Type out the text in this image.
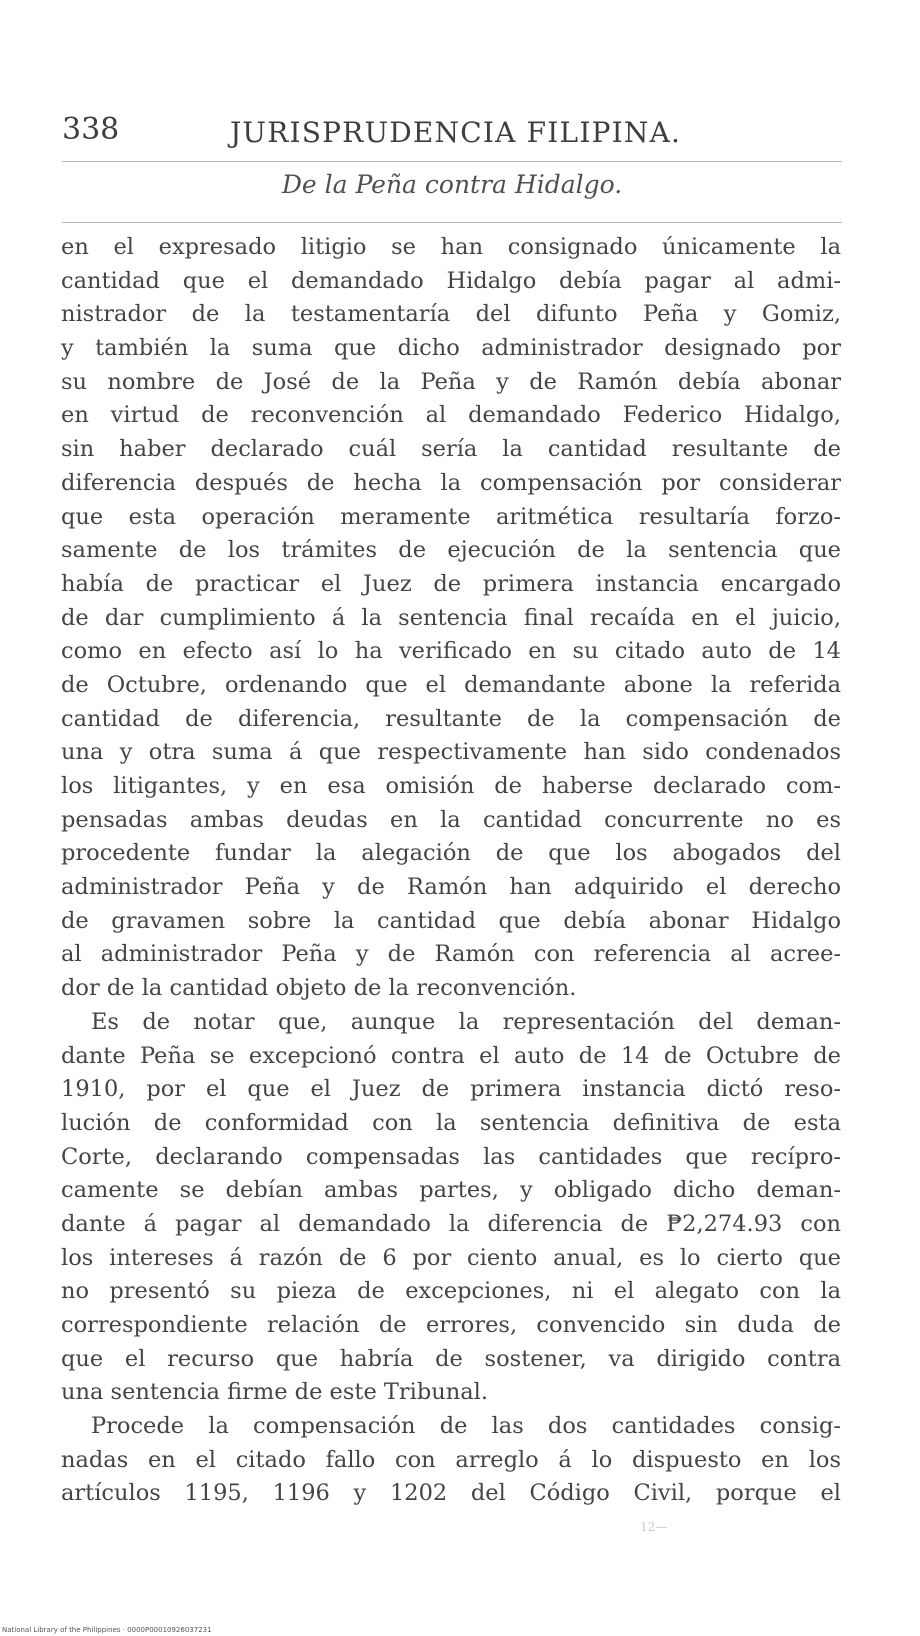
338	JURISPRUDENCIA FILIPINA.
De la Peña contra Hidalgo.
en el expresado litigio se han consignado únicamente la
cantidad que el demandado Hidalgo debía pagar al admi-
nistrador de la testamentaría del difunto Peña y Gomiz,
y también la suma que dicho administrador designado por
su nombre de José de la Peña y de Ramón debía abonar
en virtud de reconvención al demandado Federico Hidalgo,
sin haber declarado cuál sería la cantidad resultante de
diferencia después de hecha la compensación por considerar
que esta operación meramente aritmética resultaría forzo-
samente de los trámites de ejecución de la sentencia que
había de practicar el Juez de primera instancia encargado
de dar cumplimiento á la sentencia final recaída en el juicio,
como en efecto así lo ha verificado en su citado auto de 14
de Octubre, ordenando que el demandante abone la referida
cantidad de diferencia, resultante de la compensación de
una y otra suma á que respectivamente han sido condenados
los litigantes, y en esa omisión de haberse declarado com-
pensadas ambas deudas en la cantidad concurrente no es
procedente fundar la alegación de que los abogados del
administrador Peña y de Ramón han adquirido el derecho
de gravamen sobre la cantidad que debía abonar Hidalgo
al administrador Peña y de Ramón con referencia al acree-
dor de la cantidad objeto de la reconvención.
Es de notar que, aunque la representación del deman-
dante Peña se excepcionó contra el auto de 14 de Octubre de
1910, por el que el Juez de primera instancia dictó reso-
lución de conformidad con la sentencia definitiva de esta
Corte, declarando compensadas las cantidades que recípro-
camente se debían ambas partes, y obligado dicho deman-
dante á pagar al demandado la diferencia de ₱2,274.93 con
los intereses á razón de 6 por ciento anual, es lo cierto que
no presentó su pieza de excepciones, ni el alegato con la
correspondiente relación de errores, convencido sin duda de
que el recurso que habría de sostener, va dirigido contra
una sentencia firme de este Tribunal.
Procede la compensación de las dos cantidades consig-
nadas en el citado fallo con arreglo á lo dispuesto en los
artículos 1195, 1196 y 1202 del Código Civil, porque el
12—
National Library of the Philippines · 0000P00010926037231
